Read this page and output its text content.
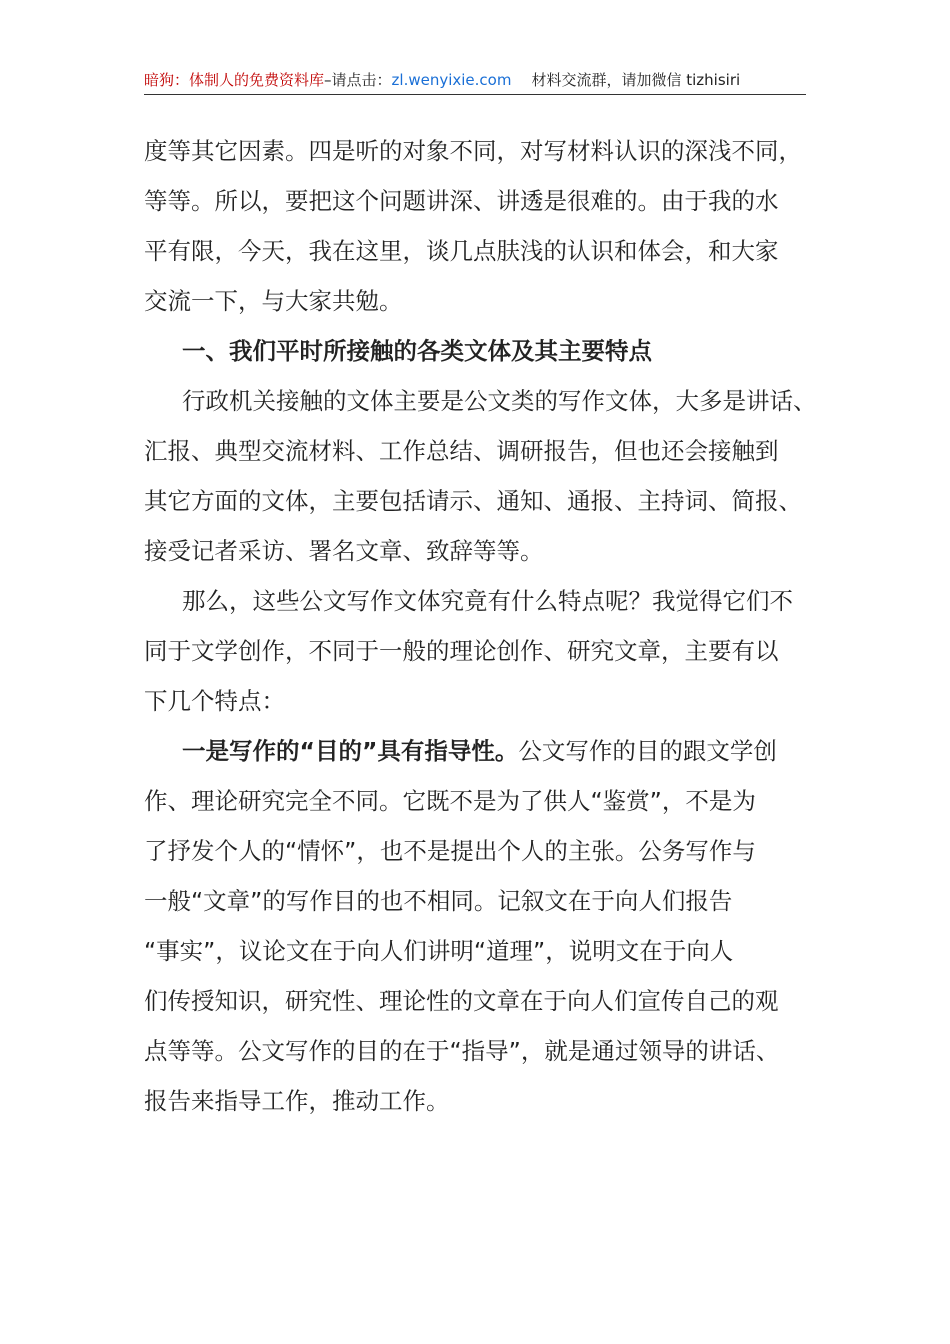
暗狗：体制人的免费资料库–请点击：zl.wenyixie.com 材料交流群，请加微信 tizhisiri

度等其它因素。四是听的对象不同，对写材料认识的深浅不同，

等等。所以，要把这个问题讲深、讲透是很难的。由于我的水

平有限，今天，我在这里，谈几点肤浅的认识和体会，和大家

交流一下，与大家共勉。

一、我们平时所接触的各类文体及其主要特点

行政机关接触的文体主要是公文类的写作文体，大多是讲话、

汇报、典型交流材料、工作总结、调研报告，但也还会接触到

其它方面的文体，主要包括请示、通知、通报、主持词、简报、

接受记者采访、署名文章、致辞等等。

那么，这些公文写作文体究竟有什么特点呢？我觉得它们不

同于文学创作，不同于一般的理论创作、研究文章，主要有以

下几个特点：

一是写作的“目的”具有指导性。公文写作的目的跟文学创

作、理论研究完全不同。它既不是为了供人“鉴赏”，不是为

了抒发个人的“情怀”，也不是提出个人的主张。公务写作与

一般“文章”的写作目的也不相同。记叙文在于向人们报告

“事实”，议论文在于向人们讲明“道理”，说明文在于向人

们传授知识，研究性、理论性的文章在于向人们宣传自己的观

点等等。公文写作的目的在于“指导”，就是通过领导的讲话、

报告来指导工作，推动工作。
